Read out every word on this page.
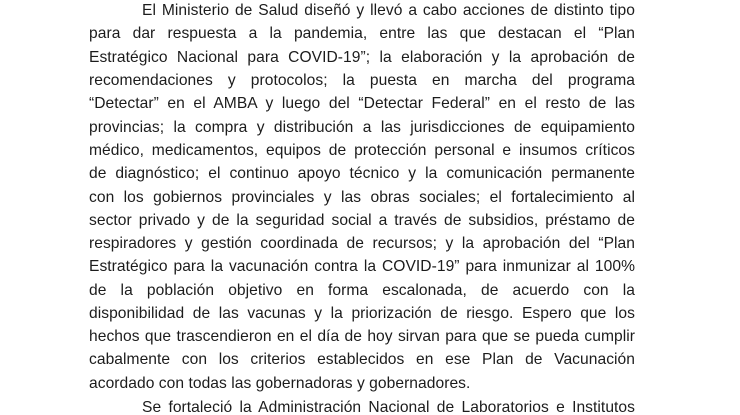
El Ministerio de Salud diseñó y llevó a cabo acciones de distinto tipo

para dar respuesta a la pandemia, entre las que destacan el “Plan

Estratégico Nacional para COVID-19”; la elaboración y la aprobación de

recomendaciones y protocolos; la puesta en marcha del programa

“Detectar” en el AMBA y luego del “Detectar Federal” en el resto de las

provincias; la compra y distribución a las jurisdicciones de equipamiento

médico, medicamentos, equipos de protección personal e insumos críticos

de diagnóstico; el continuo apoyo técnico y la comunicación permanente

con los gobiernos provinciales y las obras sociales; el fortalecimiento al

sector privado y de la seguridad social a través de subsidios, préstamo de

respiradores y gestión coordinada de recursos; y la aprobación del “Plan

Estratégico para la vacunación contra la COVID-19” para inmunizar al 100%

de la población objetivo en forma escalonada, de acuerdo con la

disponibilidad de las vacunas y la priorización de riesgo. Espero que los

hechos que trascendieron en el día de hoy sirvan para que se pueda cumplir

cabalmente con los criterios establecidos en ese Plan de Vacunación

acordado con todas las gobernadoras y gobernadores.

Se fortaleció la Administración Nacional de Laboratorios e Institutos
